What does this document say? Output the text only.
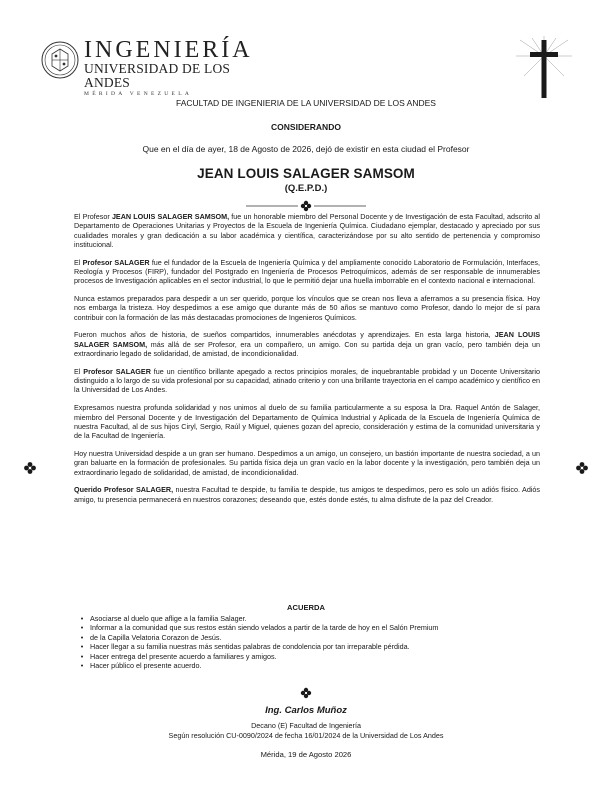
INGENIERÍA
UNIVERSIDAD DE LOS ANDES
MÉRIDA VENEZUELA
FACULTAD DE INGENIERIA DE LA UNIVERSIDAD DE LOS ANDES
CONSIDERANDO
Que en el día de ayer, 18 de Agosto de 2026, dejó de existir en esta ciudad el Profesor
JEAN LOUIS SALAGER SAMSOM
(Q.E.P.D.)

El Profesor JEAN LOUIS SALAGER SAMSOM, fue un honorable miembro del Personal Docente y de Investigación de esta Facultad, adscrito al Departamento de Operaciones Unitarias y Proyectos de la Escuela de Ingeniería Química. Ciudadano ejemplar, destacado y apreciado por sus cualidades morales y gran dedicación a su labor académica y científica, caracterizándose por su alto sentido de pertenencia y compromiso institucional.

El Profesor SALAGER fue el fundador de la Escuela de Ingeniería Química y del ampliamente conocido Laboratorio de Formulación, Interfaces, Reología y Procesos (FIRP), fundador del Postgrado en Ingeniería de Procesos Petroquímicos, además de ser responsable de innumerables procesos de Investigación aplicables en el sector industrial, lo que le permitió dejar una huella imborrable en el contexto nacional e internacional.

Nunca estamos preparados para despedir a un ser querido, porque los vínculos que se crean nos lleva a aferramos a su presencia física. Hoy nos embarga la tristeza. Hoy despedimos a ese amigo que durante más de 50 años se mantuvo como Profesor, dando lo mejor de sí para contribuir con la formación de las más destacadas promociones de Ingenieros Químicos.

Fueron muchos años de historia, de sueños compartidos, innumerables anécdotas y aprendizajes. En esta larga historia, JEAN LOUIS SALAGER SAMSOM, más allá de ser Profesor, era un compañero, un amigo. Con su partida deja un gran vacío, pero también deja un extraordinario legado de solidaridad, de amistad, de incondicionalidad.

El Profesor SALAGER fue un científico brillante apegado a rectos principios morales, de inquebrantable probidad y un Docente Universitario distinguido a lo largo de su vida profesional por su capacidad, atinado criterio y con una brillante trayectoria en el campo académico y científico en la Universidad de Los Andes.

Expresamos nuestra profunda solidaridad y nos unimos al duelo de su familia particularmente a su esposa la Dra. Raquel Antón de Salager, miembro del Personal Docente y de Investigación del Departamento de Química Industrial y Aplicada de la Escuela de Ingeniería Química de nuestra Facultad, al de sus hijos Ciryl, Sergio, Raúl y Miguel, quienes gozan del aprecio, consideración y estima de la comunidad universitaria y de la Facultad de Ingeniería.

Hoy nuestra Universidad despide a un gran ser humano. Despedimos a un amigo, un consejero, un bastión importante de nuestra sociedad, a un gran baluarte en la formación de profesionales. Su partida física deja un gran vacío en la labor docente y la investigación, pero también deja un extraordinario legado de solidaridad, de amistad, de incondicionalidad.

Querido Profesor SALAGER, nuestra Facultad te despide, tu familia te despide, tus amigos te despedimos, pero es solo un adiós físico. Adiós amigo, tu presencia permanecerá en nuestros corazones; deseando que, estés donde estés, tu alma disfrute de la paz del Creador.

ACUERDA
• Asociarse al duelo que aflige a la familia Salager.
• Informar a la comunidad que sus restos están siendo velados a partir de la tarde de hoy en el Salón Premium
• de la Capilla Velatoria Corazon de Jesús.
• Hacer llegar a su familia nuestras más sentidas palabras de condolencia por tan irreparable pérdida.
• Hacer entrega del presente acuerdo a familiares y amigos.
• Hacer público el presente acuerdo.
Ing. Carlos Muñoz
Decano (E) Facultad de Ingeniería
Según resolución CU-0090/2024 de fecha 16/01/2024 de la Universidad de Los Andes
Mérida, 19 de Agosto 2026
